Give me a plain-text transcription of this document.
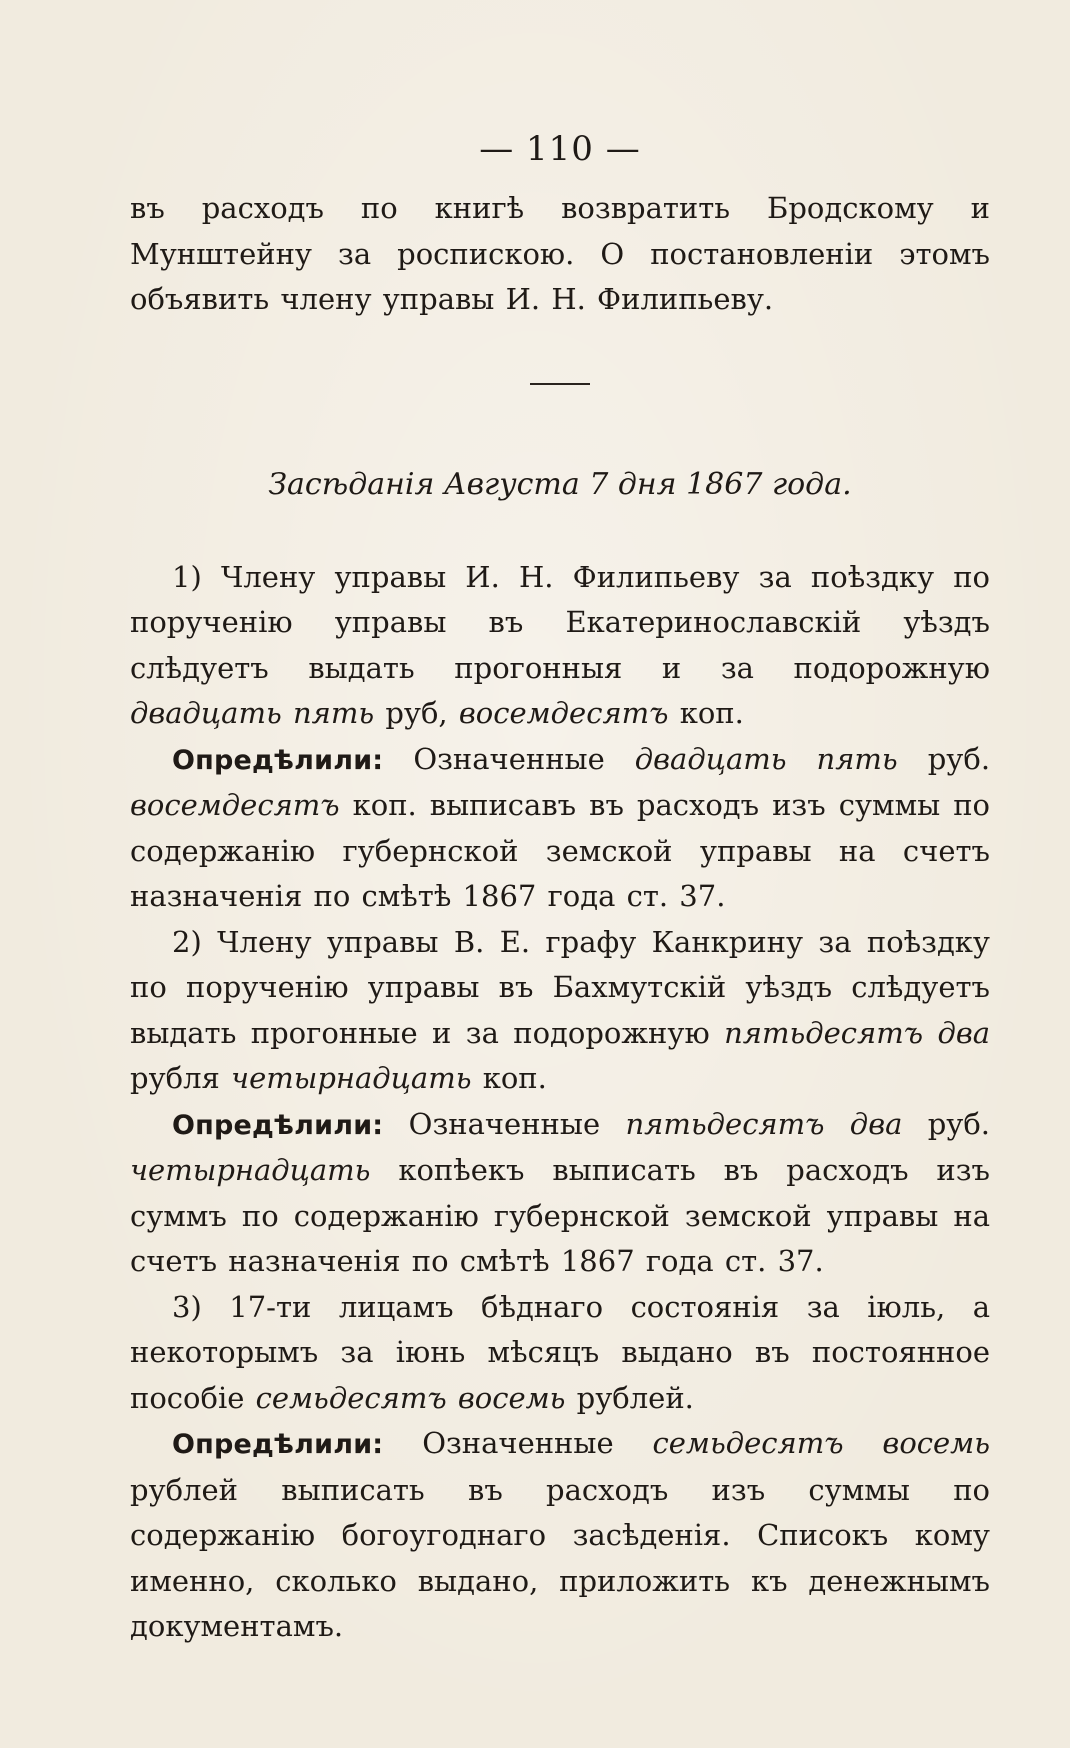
— 110 —

въ расходъ по книгѣ возвратить Бродскому и Мунштейну за роспискою. О постановленіи этомъ объявить члену управы И. Н. Филипьеву.

Засѣданія Августа 7 дня 1867 года.

1) Члену управы И. Н. Филипьеву за поѣздку по порученію управы въ Екатеринославскій уѣздъ слѣдуетъ выдать прогонныя и за подорожную двадцать пять руб, восемдесятъ коп.

Опредѣлили: Означенные двадцать пять руб. восемдесятъ коп. выписавъ въ расходъ изъ суммы по содержанію губернской земской управы на счетъ назначенія по смѣтѣ 1867 года ст. 37.

2) Члену управы В. Е. графу Канкрину за поѣздку по порученію управы въ Бахмутскій уѣздъ слѣдуетъ выдать прогонные и за подорожную пятьдесятъ два рубля четырнадцать коп.

Опредѣлили: Означенные пятьдесятъ два руб. четырнадцать копѣекъ выписать въ расходъ изъ суммъ по содержанію губернской земской управы на счетъ назначенія по смѣтѣ 1867 года ст. 37.

3) 17-ти лицамъ бѣднаго состоянія за іюль, а некоторымъ за іюнь мѣсяцъ выдано въ постоянное пособіе семьдесятъ восемь рублей.

Опредѣлили: Означенные семьдесятъ восемь рублей выписать въ расходъ изъ суммы по содержанію богоугоднаго засѣденія. Списокъ кому именно, сколько выдано, приложить къ денежнымъ документамъ.
